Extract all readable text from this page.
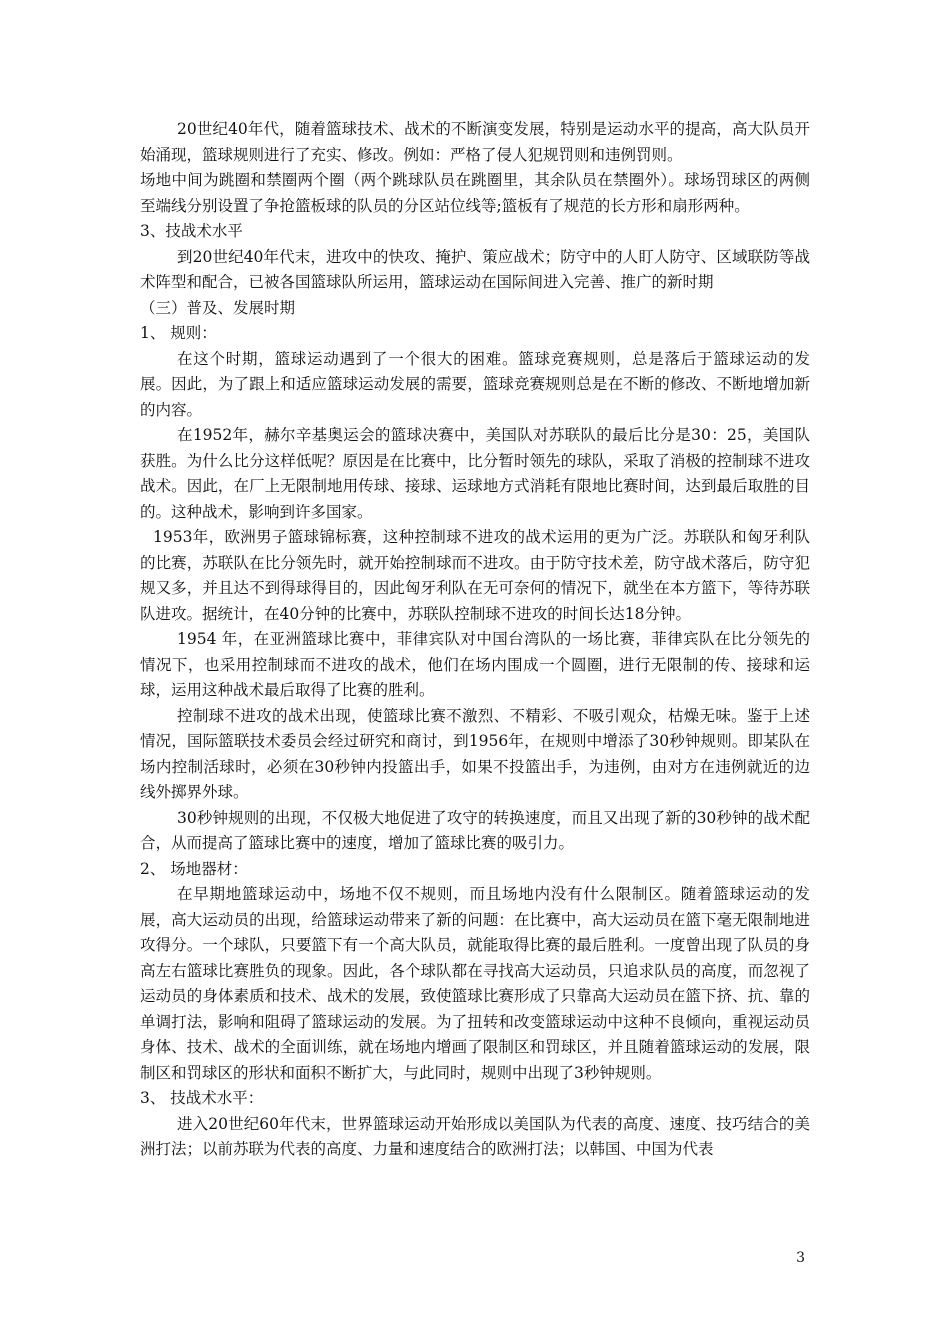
20世纪40年代，随着篮球技术、战术的不断演变发展，特别是运动水平的提高，高大队员开始涌现，篮球规则进行了充实、修改。例如：严格了侵人犯规罚则和违例罚则。

场地中间为跳圈和禁圈两个圈（两个跳球队员在跳圈里，其余队员在禁圈外）。球场罚球区的两侧至端线分别设置了争抢篮板球的队员的分区站位线等;篮板有了规范的长方形和扇形两种。

3、技战术水平

到20世纪40年代末，进攻中的快攻、掩护、策应战术；防守中的人盯人防守、区域联防等战术阵型和配合，已被各国篮球队所运用，篮球运动在国际间进入完善、推广的新时期

（三）普及、发展时期

1、 规则：

在这个时期，篮球运动遇到了一个很大的困难。篮球竞赛规则，总是落后于篮球运动的发展。因此，为了跟上和适应篮球运动发展的需要，篮球竞赛规则总是在不断的修改、不断地增加新的内容。

在1952年，赫尔辛基奥运会的篮球决赛中，美国队对苏联队的最后比分是30：25，美国队获胜。为什么比分这样低呢？原因是在比赛中，比分暂时领先的球队，采取了消极的控制球不进攻战术。因此，在厂上无限制地用传球、接球、运球地方式消耗有限地比赛时间，达到最后取胜的目的。这种战术，影响到许多国家。

1953年，欧洲男子篮球锦标赛，这种控制球不进攻的战术运用的更为广泛。苏联队和匈牙利队的比赛，苏联队在比分领先时，就开始控制球而不进攻。由于防守技术差，防守战术落后，防守犯规又多，并且达不到得球得目的，因此匈牙利队在无可奈何的情况下，就坐在本方篮下，等待苏联队进攻。据统计，在40分钟的比赛中，苏联队控制球不进攻的时间长达18分钟。

1954 年，在亚洲篮球比赛中，菲律宾队对中国台湾队的一场比赛，菲律宾队在比分领先的情况下，也采用控制球而不进攻的战术，他们在场内围成一个圆圈，进行无限制的传、接球和运球，运用这种战术最后取得了比赛的胜利。

控制球不进攻的战术出现，使篮球比赛不激烈、不精彩、不吸引观众，枯燥无味。鉴于上述情况，国际篮联技术委员会经过研究和商讨，到1956年，在规则中增添了30秒钟规则。即某队在场内控制活球时，必须在30秒钟内投篮出手，如果不投篮出手，为违例，由对方在违例就近的边线外掷界外球。

30秒钟规则的出现，不仅极大地促进了攻守的转换速度，而且又出现了新的30秒钟的战术配合，从而提高了篮球比赛中的速度，增加了篮球比赛的吸引力。

2、 场地器材：

在早期地篮球运动中，场地不仅不规则，而且场地内没有什么限制区。随着篮球运动的发展，高大运动员的出现，给篮球运动带来了新的问题：在比赛中，高大运动员在篮下毫无限制地进攻得分。一个球队，只要篮下有一个高大队员，就能取得比赛的最后胜利。一度曾出现了队员的身高左右篮球比赛胜负的现象。因此，各个球队都在寻找高大运动员，只追求队员的高度，而忽视了运动员的身体素质和技术、战术的发展，致使篮球比赛形成了只靠高大运动员在篮下挤、抗、靠的单调打法，影响和阻碍了篮球运动的发展。为了扭转和改变篮球运动中这种不良倾向，重视运动员身体、技术、战术的全面训练，就在场地内增画了限制区和罚球区，并且随着篮球运动的发展，限制区和罚球区的形状和面积不断扩大，与此同时，规则中出现了3秒钟规则。

3、 技战术水平：

进入20世纪60年代末，世界篮球运动开始形成以美国队为代表的高度、速度、技巧结合的美洲打法；以前苏联为代表的高度、力量和速度结合的欧洲打法；以韩国、中国为代表

3
